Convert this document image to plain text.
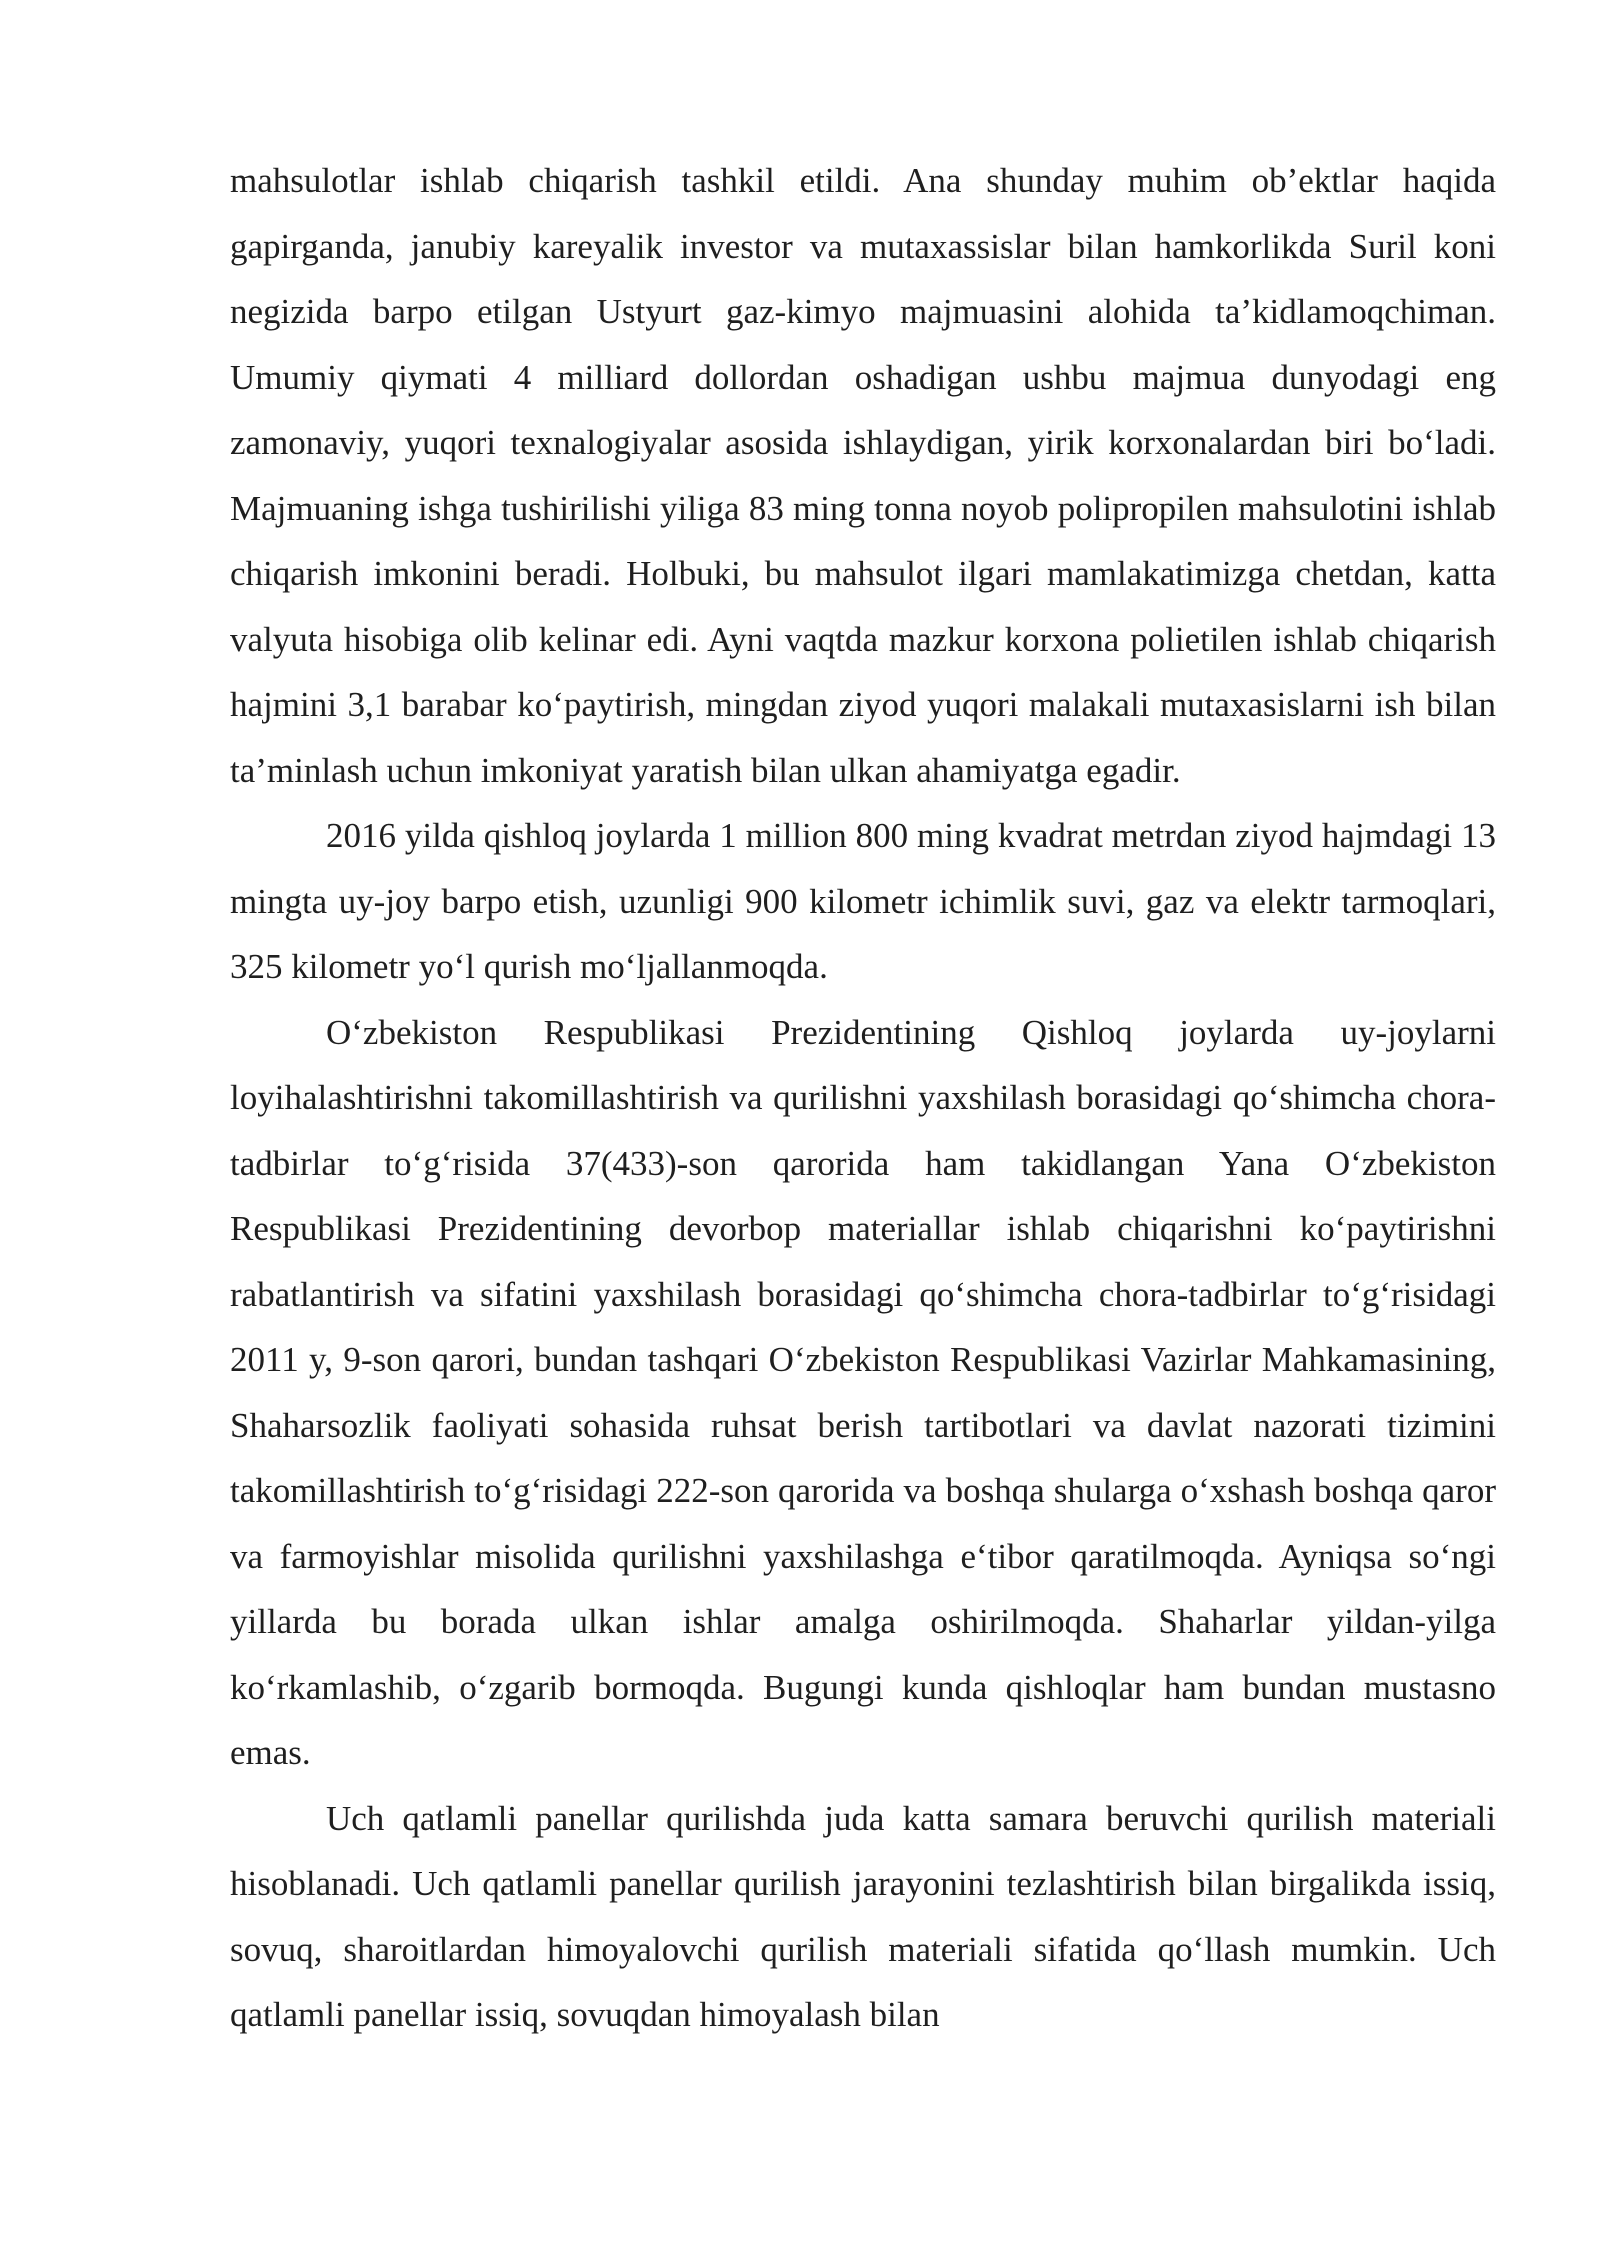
mahsulotlar ishlab chiqarish tashkil etildi. Ana shunday muhim ob’ektlar haqida gapirganda, janubiy kareyalik investor va mutaxassislar bilan hamkorlikda Suril koni negizida barpo etilgan Ustyurt gaz-kimyo majmuasini alohida ta’kidlamoqchiman. Umumiy qiymati 4 milliard dollordan oshadigan ushbu majmua dunyodagi eng zamonaviy, yuqori texnalogiyalar asosida ishlaydigan, yirik korxonalardan biri bo‘ladi. Majmuaning ishga tushirilishi yiliga 83 ming tonna noyob polipropilen mahsulotini ishlab chiqarish imkonini beradi. Holbuki, bu mahsulot ilgari mamlakatimizga chetdan, katta valyuta hisobiga olib kelinar edi. Ayni vaqtda mazkur korxona polietilen ishlab chiqarish hajmini 3,1 barabar ko‘paytirish, mingdan ziyod yuqori malakali mutaxasislarni ish bilan ta’minlash uchun imkoniyat yaratish bilan ulkan ahamiyatga egadir.

2016 yilda qishloq joylarda 1 million 800 ming kvadrat metrdan ziyod hajmdagi 13 mingta uy-joy barpo etish, uzunligi 900 kilometr ichimlik suvi, gaz va elektr tarmoqlari, 325 kilometr yo‘l qurish mo‘ljallanmoqda.

O‘zbekiston Respublikasi Prezidentining Qishloq joylarda uy-joylarni loyihalashtirishni takomillashtirish va qurilishni yaxshilash borasidagi qo‘shimcha chora-tadbirlar to‘g‘risida 37(433)-son qarorida ham takidlangan Yana O‘zbekiston Respublikasi Prezidentining devorbop materiallar ishlab chiqarishni ko‘paytirishni rabatlantirish va sifatini yaxshilash borasidagi qo‘shimcha chora-tadbirlar to‘g‘risidagi 2011 y, 9-son qarori, bundan tashqari O‘zbekiston Respublikasi Vazirlar Mahkamasining, Shaharsozlik faoliyati sohasida ruhsat berish tartibotlari va davlat nazorati tizimini takomillashtirish to‘g‘risidagi 222-son qarorida va boshqa shularga o‘xshash boshqa qaror va farmoyishlar misolida qurilishni yaxshilashga e‘tibor qaratilmoqda. Ayniqsa so‘ngi yillarda bu borada ulkan ishlar amalga oshirilmoqda. Shaharlar yildan-yilga ko‘rkamlashib, o‘zgarib bormoqda. Bugungi kunda qishloqlar ham bundan mustasno emas.

Uch qatlamli panellar qurilishda juda katta samara beruvchi qurilish materiali hisoblanadi. Uch qatlamli panellar qurilish jarayonini tezlashtirish bilan birgalikda issiq, sovuq, sharoitlardan himoyalovchi qurilish materiali sifatida qo‘llash mumkin. Uch qatlamli panellar issiq, sovuqdan himoyalash bilan
